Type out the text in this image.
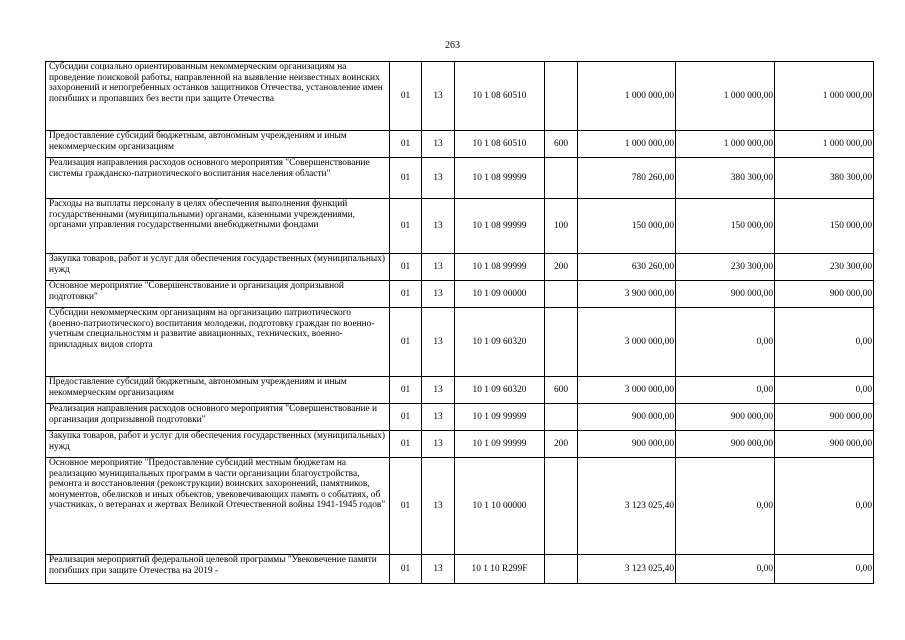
263
Субсидии социально ориентированным некоммерческим организациям на проведение поисковой работы, направленной на выявление неизвестных воинских захоронений и непогребенных останков защитников Отечества, установление имен погибших и пропавших без вести при защите Отечества	01	13	10 1 08 60510		1 000 000,00	1 000 000,00	1 000 000,00
Предоставление субсидий бюджетным, автономным учреждениям и иным некоммерческим организациям	01	13	10 1 08 60510	600	1 000 000,00	1 000 000,00	1 000 000,00
Реализация направления расходов основного мероприятия "Совершенствование системы гражданско-патриотического воспитания населения области"	01	13	10 1 08 99999		780 260,00	380 300,00	380 300,00
Расходы на выплаты персоналу в целях обеспечения выполнения функций государственными (муниципальными) органами, казенными учреждениями, органами управления государственными внебюджетными фондами	01	13	10 1 08 99999	100	150 000,00	150 000,00	150 000,00
Закупка товаров, работ и услуг для обеспечения государственных (муниципальных) нужд	01	13	10 1 08 99999	200	630 260,00	230 300,00	230 300,00
Основное мероприятие "Совершенствование и организация допризывной подготовки"	01	13	10 1 09 00000		3 900 000,00	900 000,00	900 000,00
Субсидии некоммерческим организациям на организацию патриотического (военно-патриотического) воспитания молодежи, подготовку граждан по военно-учетным специальностям и развитие авиационных, технических, военно-прикладных видов спорта	01	13	10 1 09 60320		3 000 000,00	0,00	0,00
Предоставление субсидий бюджетным, автономным учреждениям и иным некоммерческим организациям	01	13	10 1 09 60320	600	3 000 000,00	0,00	0,00
Реализация направления расходов основного мероприятия "Совершенствование и организация допризывной подготовки"	01	13	10 1 09 99999		900 000,00	900 000,00	900 000,00
Закупка товаров, работ и услуг для обеспечения государственных (муниципальных) нужд	01	13	10 1 09 99999	200	900 000,00	900 000,00	900 000,00
Основное мероприятие "Предоставление субсидий местным бюджетам на реализацию муниципальных программ в части организации благоустройства, ремонта и восстановления (реконструкции) воинских захоронений, памятников, монументов, обелисков и иных объектов, увековечивающих память о событиях, об участниках, о ветеранах и жертвах Великой Отечественной войны 1941-1945 годов"	01	13	10 1 10 00000		3 123 025,40	0,00	0,00
Реализация мероприятий федеральной целевой программы "Увековечение памяти погибших при защите Отечества на 2019 -	01	13	10 1 10 R299F		3 123 025,40	0,00	0,00
